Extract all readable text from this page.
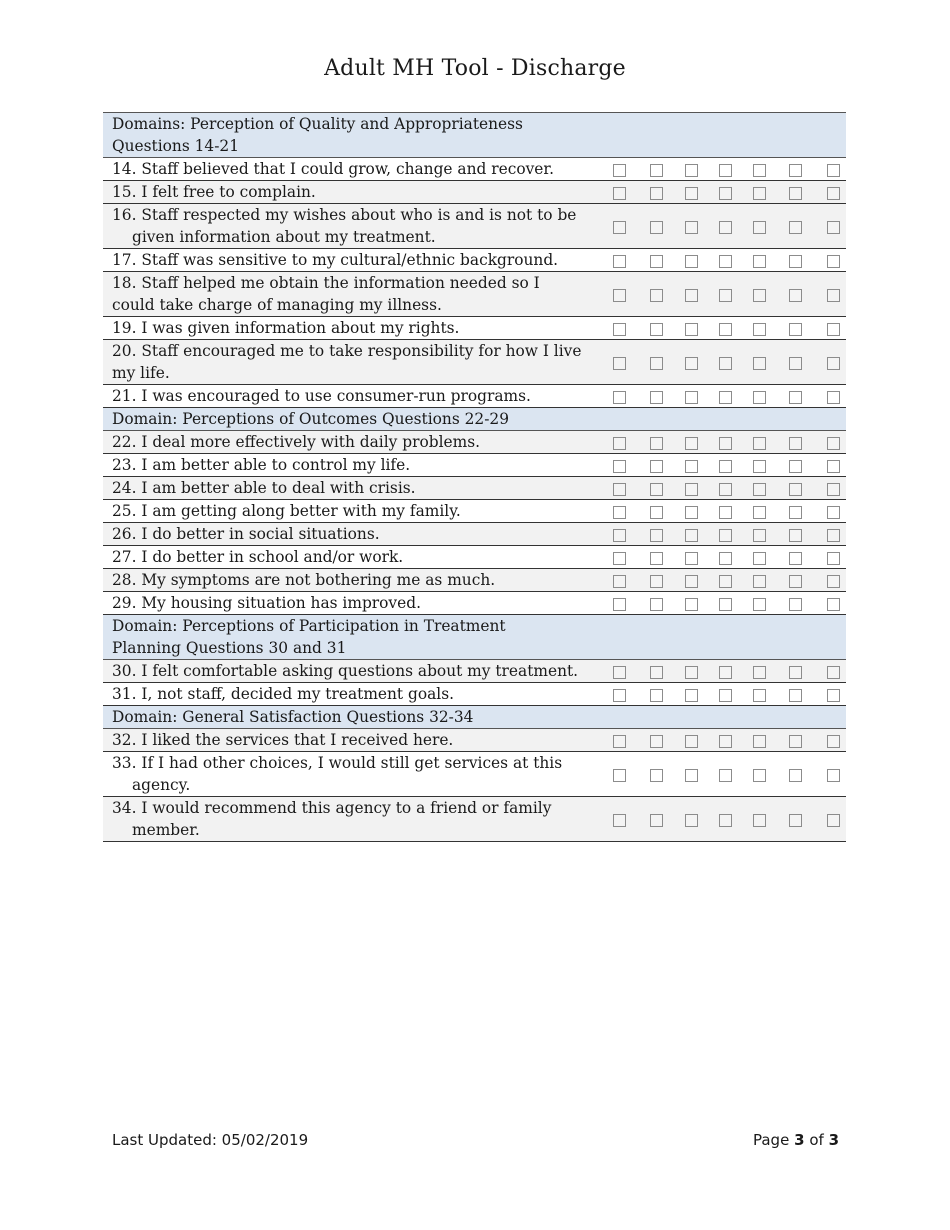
Adult MH Tool - Discharge
Domains: Perception of Quality and Appropriateness
Questions 14-21							

14. Staff believed that I could grow, change and recover.							
15. I felt free to complain.							

16. Staff respected my wishes about who is and is not to be
given information about my treatment.							
17. Staff was sensitive to my cultural/ethnic background.							

18. Staff helped me obtain the information needed so I
could take charge of managing my illness.							

19. I was given information about my rights.							

20. Staff encouraged me to take responsibility for how I live
my life.							

21. I was encouraged to use consumer-run programs.							
Domain: Perceptions of Outcomes Questions 22-29							
22. I deal more effectively with daily problems.							
23. I am better able to control my life.							
24. I am better able to deal with crisis.							
25. I am getting along better with my family.							
26. I do better in social situations.							
27. I do better in school and/or work.							
28. My symptoms are not bothering me as much.							
29. My housing situation has improved.							

Domain: Perceptions of Participation in Treatment
Planning Questions 30 and 31							

30. I felt comfortable asking questions about my treatment.							
31. I, not staff, decided my treatment goals.							
Domain: General Satisfaction Questions 32-34							
32. I liked the services that I received here.							

33. If I had other choices, I would still get services at this
agency.							

34. I would recommend this agency to a friend or family
member.							
Last Updated: 05/02/2019	Page 3 of 3
